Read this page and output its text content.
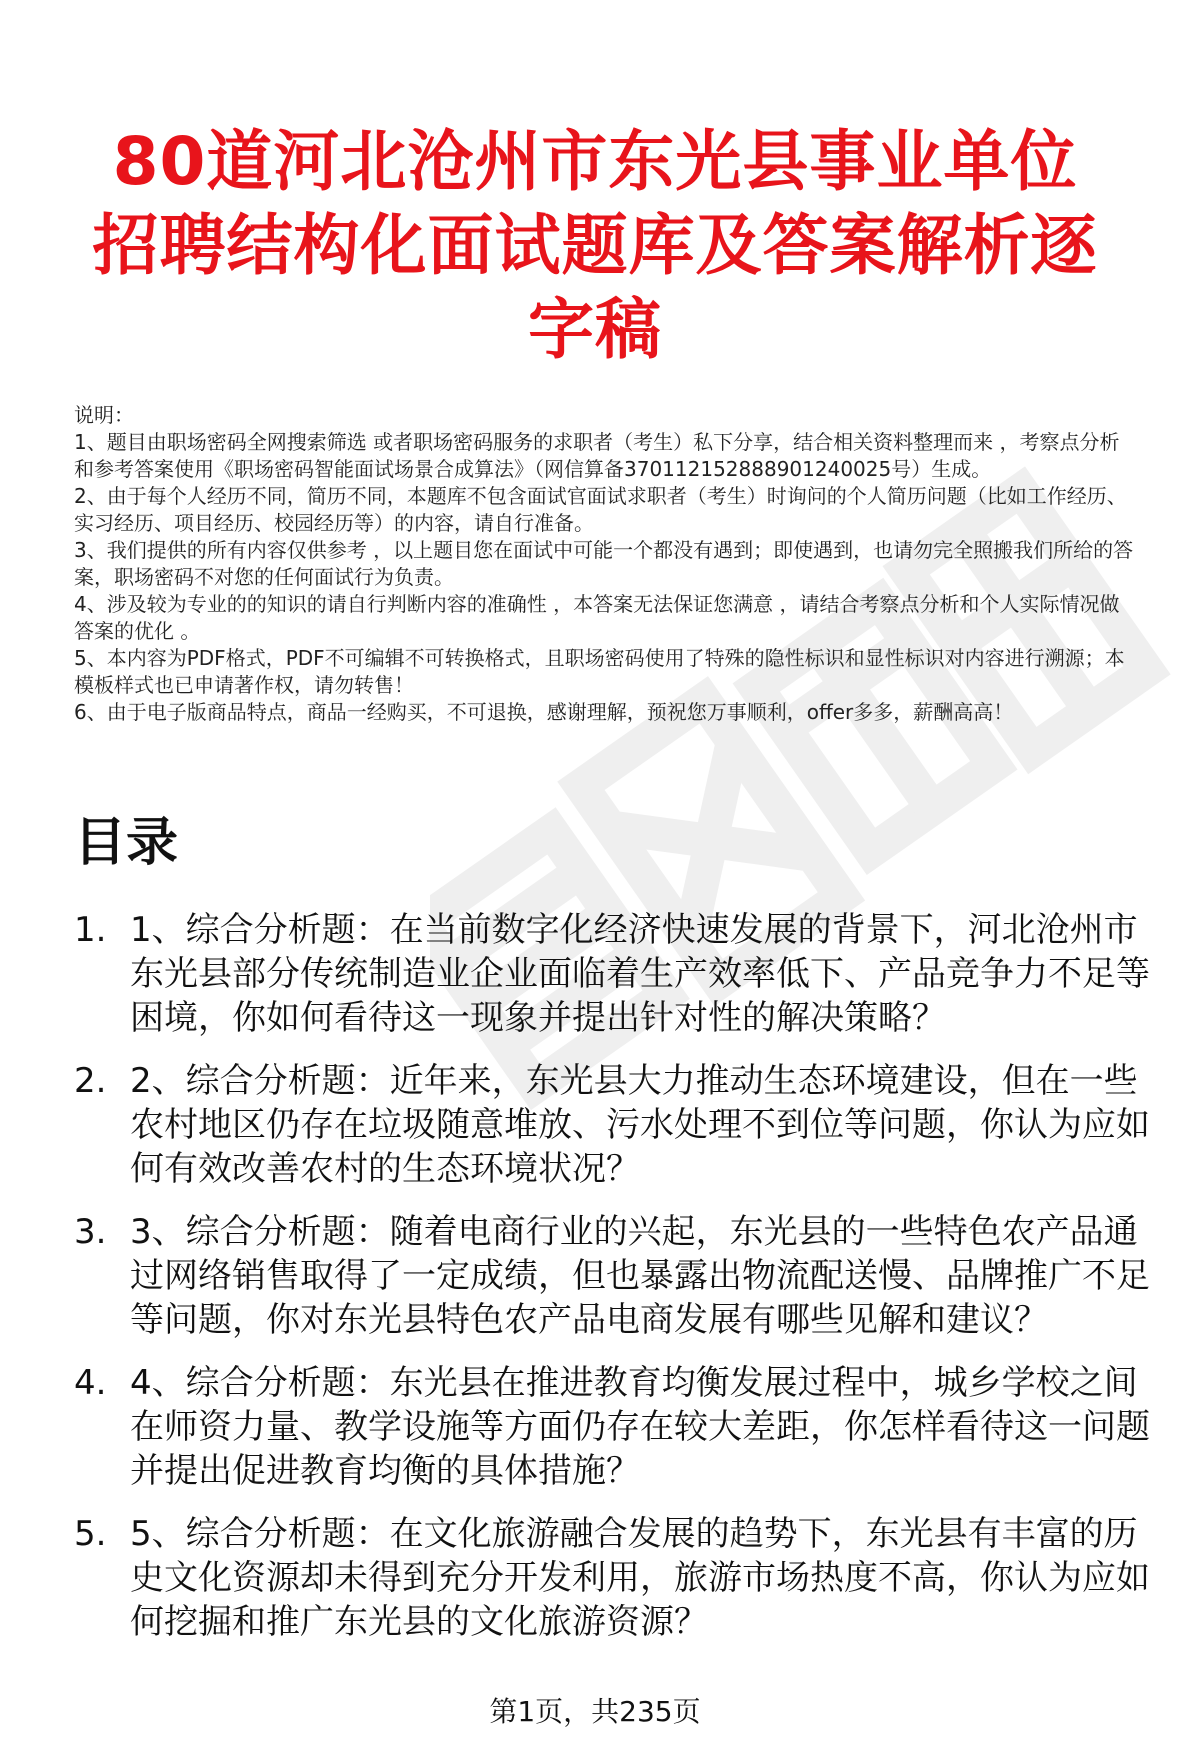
80道河北沧州市东光县事业单位招聘结构化面试题库及答案解析逐字稿

说明：

1、题目由职场密码全网搜索筛选 或者职场密码服务的求职者（考生）私下分享，结合相关资料整理而来 ，考察点分析和参考答案使用《职场密码智能面试场景合成算法》（网信算备370112152888901240025号）生成。

2、由于每个人经历不同，简历不同，本题库不包含面试官面试求职者（考生）时询问的个人简历问题（比如工作经历、实习经历、项目经历、校园经历等）的内容，请自行准备。

3、我们提供的所有内容仅供参考 ，以上题目您在面试中可能一个都没有遇到；即使遇到，也请勿完全照搬我们所给的答案，职场密码不对您的任何面试行为负责。

4、涉及较为专业的的知识的请自行判断内容的准确性 ，本答案无法保证您满意 ，请结合考察点分析和个人实际情况做答案的优化 。

5、本内容为PDF格式，PDF不可编辑不可转换格式，且职场密码使用了特殊的隐性标识和显性标识对内容进行溯源；本模板样式也已申请著作权，请勿转售！

6、由于电子版商品特点，商品一经购买，不可退换，感谢理解，预祝您万事顺利，offer多多，薪酬高高！

目录
1. 1、综合分析题：在当前数字化经济快速发展的背景下，河北沧州市东光县部分传统制造业企业面临着生产效率低下、产品竞争力不足等困境，你如何看待这一现象并提出针对性的解决策略？
2. 2、综合分析题：近年来，东光县大力推动生态环境建设，但在一些农村地区仍存在垃圾随意堆放、污水处理不到位等问题，你认为应如何有效改善农村的生态环境状况？
3. 3、综合分析题：随着电商行业的兴起，东光县的一些特色农产品通过网络销售取得了一定成绩，但也暴露出物流配送慢、品牌推广不足等问题，你对东光县特色农产品电商发展有哪些见解和建议？
4. 4、综合分析题：东光县在推进教育均衡发展过程中，城乡学校之间在师资力量、教学设施等方面仍存在较大差距，你怎样看待这一问题并提出促进教育均衡的具体措施？
5. 5、综合分析题：在文化旅游融合发展的趋势下，东光县有丰富的历史文化资源却未得到充分开发利用，旅游市场热度不高，你认为应如何挖掘和推广东光县的文化旅游资源？
第1页，共235页
